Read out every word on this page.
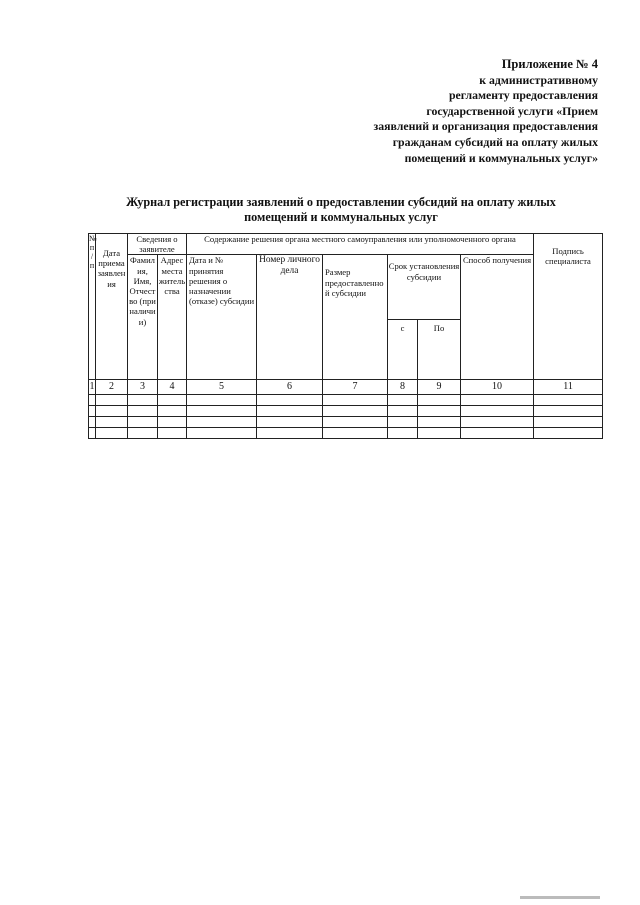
Приложение № 4
к административному
регламенту предоставления
государственной услуги «Прием
заявлений и организация предоставления
гражданам субсидий на оплату жилых
помещений и коммунальных услуг»
Журнал регистрации заявлений о предоставлении субсидий на оплату жилых
помещений и коммунальных услуг
№ п/п	Дата приема заявления	Сведения о заявителе		Содержание решения органа местного самоуправления или уполномоченного органа						Подпись специалиста
		Фамилия, Имя, Отчество (при наличии)	Адрес места жительства	Дата и № принятия решения о назначении (отказе) субсидии	Номер личного дела	Размер предоставленной субсидии	Срок установления субсидии		Способ получения	
							с	По		
1	2	3	4	5	6	7	8	9	10	11
